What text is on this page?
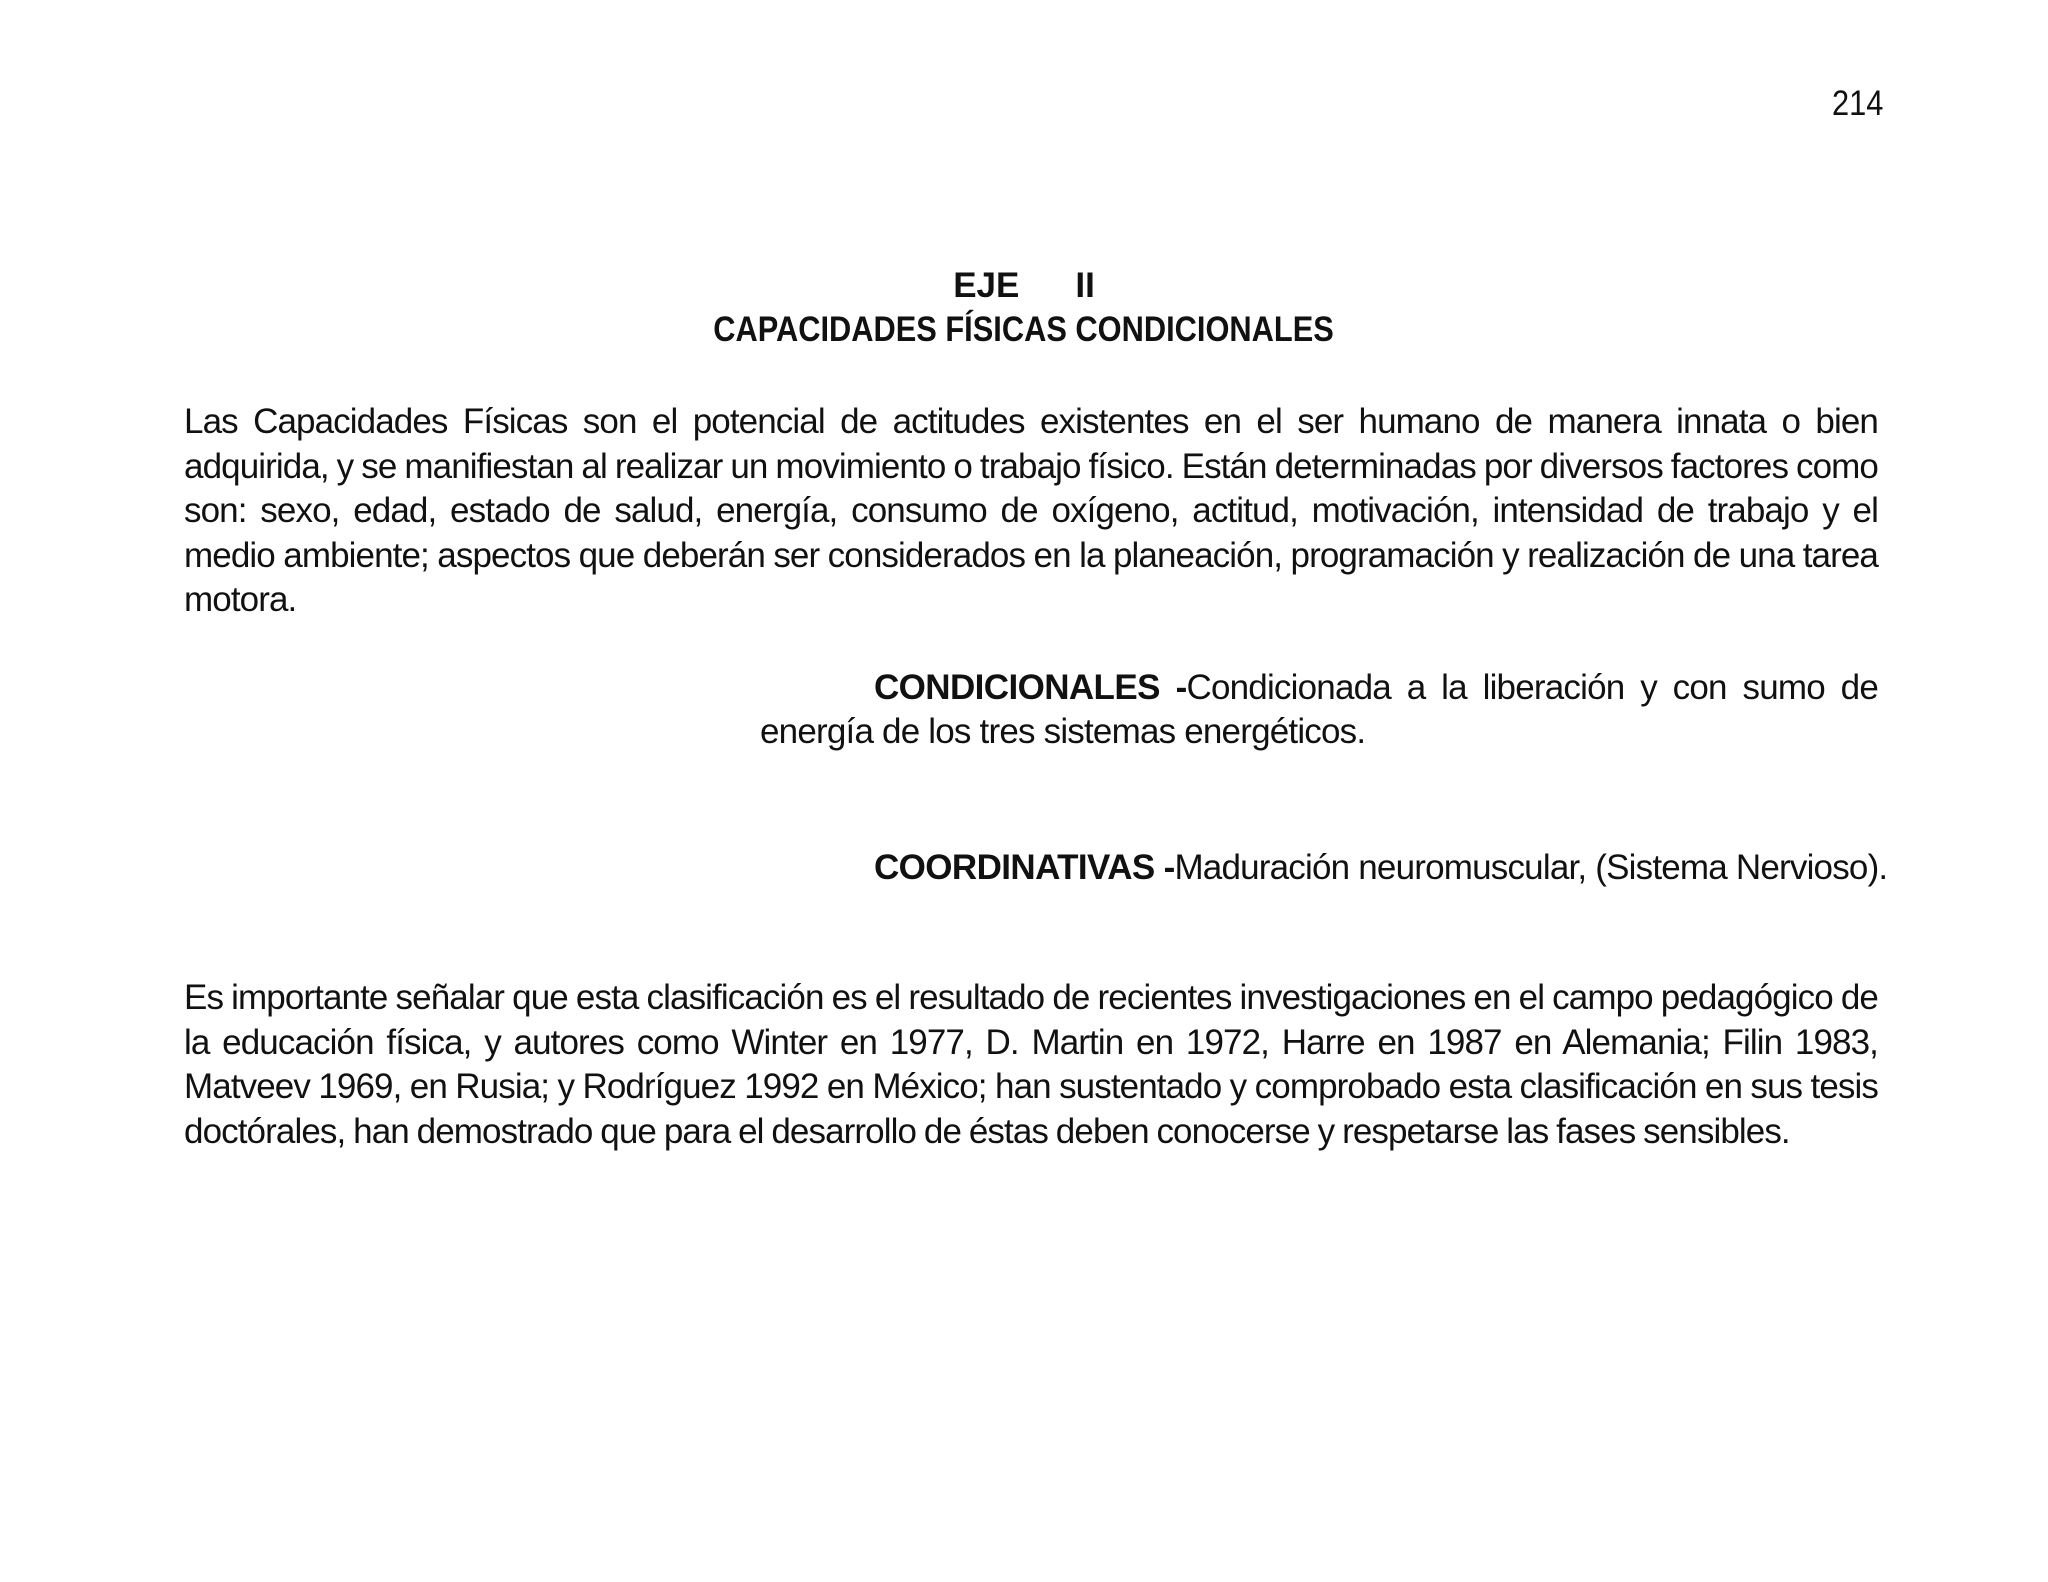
214
EJE II
CAPACIDADES FÍSICAS CONDICIONALES
Las Capacidades Físicas son el potencial de actitudes existentes en el ser humano de manera innata o bien adquirida, y se manifiestan al realizar un movimiento o trabajo físico. Están determinadas por diversos factores como son: sexo, edad, estado de salud, energía, consumo de oxígeno, actitud, motivación, intensidad de trabajo y el medio ambiente; aspectos que deberán ser considerados en la planeación, programación y realización de una tarea motora.
CONDICIONALES -Condicionada a la liberación y con sumo de
energía de los tres sistemas energéticos.
COORDINATIVAS -Maduración neuromuscular, (Sistema Nervioso).
Es importante señalar que esta clasificación es el resultado de recientes investigaciones en el campo pedagógico de la educación física, y autores como Winter en 1977, D. Martin en 1972, Harre en 1987 en Alemania; Filin 1983, Matveev 1969, en Rusia; y Rodríguez 1992 en México; han sustentado y comprobado esta clasificación en sus tesis doctórales, han demostrado que para el desarrollo de éstas deben conocerse y respetarse las fases sensibles.
